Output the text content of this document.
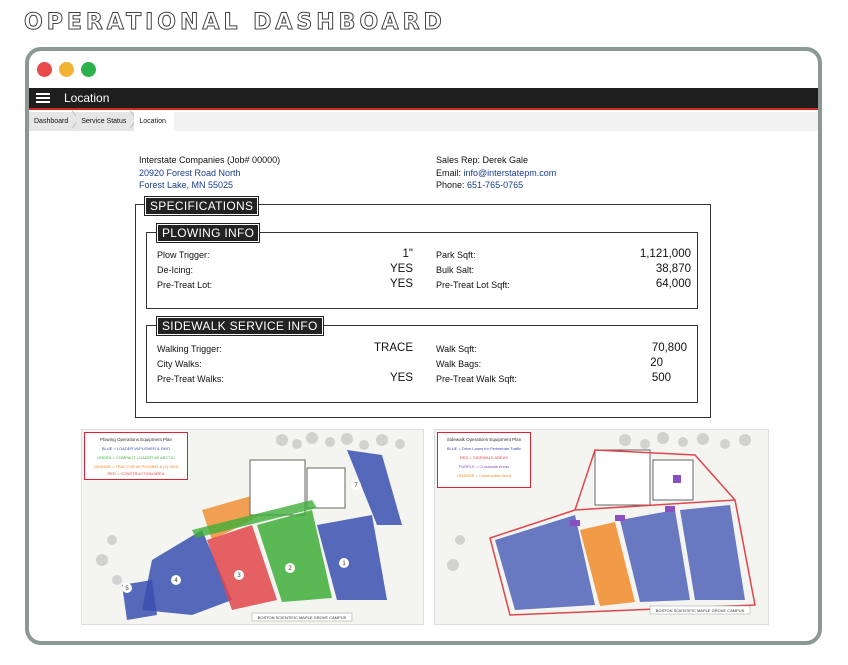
OPERATIONAL DASHBOARD
Location
Dashboard	Service Status	Location
Interstate Companies (Job# 00000)
20920 Forest Road North
Forest Lake, MN 55025
Sales Rep: Derek Gale
Email: info@interstatepm.com
Phone: 651-765-0765
SPECIFICATIONS
PLOWING INFO
Plow Trigger:
De-Icing:
Pre-Treat Lot:
1"
YES
YES
Park Sqft:
Bulk Salt:
Pre-Treat Lot Sqft:
1,121,000
38,870
64,000
SIDEWALK SERVICE INFO
Walking Trigger:
City Walks:
Pre-Treat Walks:
TRACE
YES
Walk Sqft:
Walk Bags:
Pre-Treat Walk Sqft:
70,800
20
500
1
2
3
4
5
7
BOSTON SCIENTIFIC MAPLE GROVE CAMPUS
Plowing Operations Equipment Plan
BLUE = LOADER W/PUSHER & SKID
GREEN = COMPACT LOADER W/ ARCTIC
ORANGE = TRACTOR W/ PUSHER & (2) SKID
RED = CONSTRUCTION AREA
BOSTON SCIENTIFIC MAPLE GROVE CAMPUS
Sidewalk Operations Equipment Plan
BLUE = Drive Lanes for Pedestrian Traffic
RED = SIDEWALK AREAS
PURPLE = Crosswalk Areas
ORANGE = Construction Area
